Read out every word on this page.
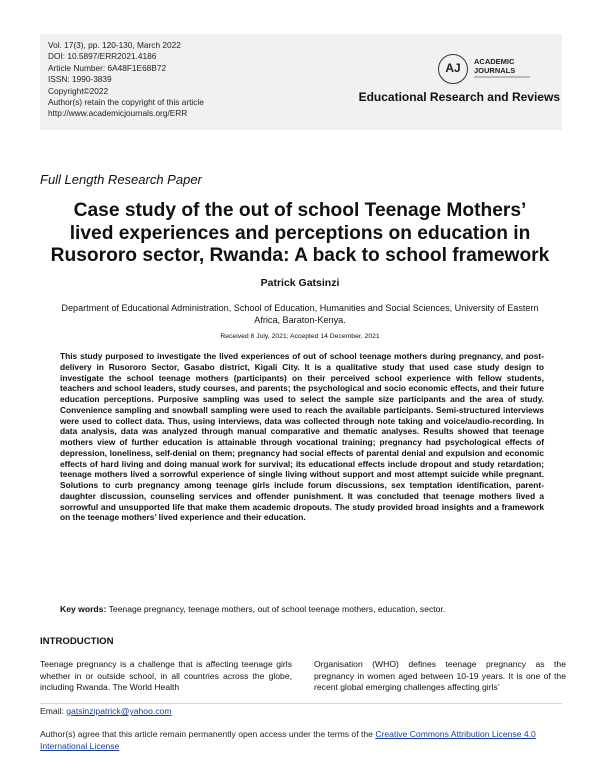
Vol. 17(3), pp. 120-130, March 2022
DOI: 10.5897/ERR2021.4186
Article Number: 6A48F1E68B72
ISSN: 1990-3839
Copyright©2022
Author(s) retain the copyright of this article
http://www.academicjournals.org/ERR
AJ	ACADEMIC
JOURNALS
Educational Research and Reviews
Full Length Research Paper
Case study of the out of school Teenage Mothers’ lived experiences and perceptions on education in Rusororo sector, Rwanda: A back to school framework
Patrick Gatsinzi
Department of Educational Administration, School of Education, Humanities and Social Sciences, University of Eastern Africa, Baraton-Kenya.
Received 8 July, 2021; Accepted 14 December, 2021

This study purposed to investigate the lived experiences of out of school teenage mothers during pregnancy, and post-delivery in Rusororo Sector, Gasabo district, Kigali City. It is a qualitative study that used case study design to investigate the school teenage mothers (participants) on their perceived school experience with fellow students, teachers and school leaders, study courses, and parents; the psychological and socio economic effects, and their future education perceptions. Purposive sampling was used to select the sample size participants and the area of study. Convenience sampling and snowball sampling were used to reach the available participants. Semi-structured interviews were used to collect data. Thus, using interviews, data was collected through note taking and voice/audio-recording. In data analysis, data was analyzed through manual comparative and thematic analyses. Results showed that teenage mothers view of further education is attainable through vocational training; pregnancy had psychological effects of depression, loneliness, self-denial on them; pregnancy had social effects of parental denial and expulsion and economic effects of hard living and doing manual work for survival; its educational effects include dropout and study retardation; teenage mothers lived a sorrowful experience of single living without support and most attempt suicide while pregnant. Solutions to curb pregnancy among teenage girls include forum discussions, sex temptation identification, parent-daughter discussion, counseling services and offender punishment. It was concluded that teenage mothers lived a sorrowful and unsupported life that make them academic dropouts. The study provided broad insights and a framework on the teenage mothers’ lived experience and their education.

Key words: Teenage pregnancy, teenage mothers, out of school teenage mothers, education, sector.
INTRODUCTION
Teenage pregnancy is a challenge that is affecting teenage girls whether in or outside school, in all countries across the globe, including Rwanda. The World Health
Organisation (WHO) defines teenage pregnancy as the pregnancy in women aged between 10-19 years. It is one of the recent global emerging challenges affecting girls’
Email: gatsinzipatrick@yahoo.com
Author(s) agree that this article remain permanently open access under the terms of the Creative Commons Attribution License 4.0 International License
